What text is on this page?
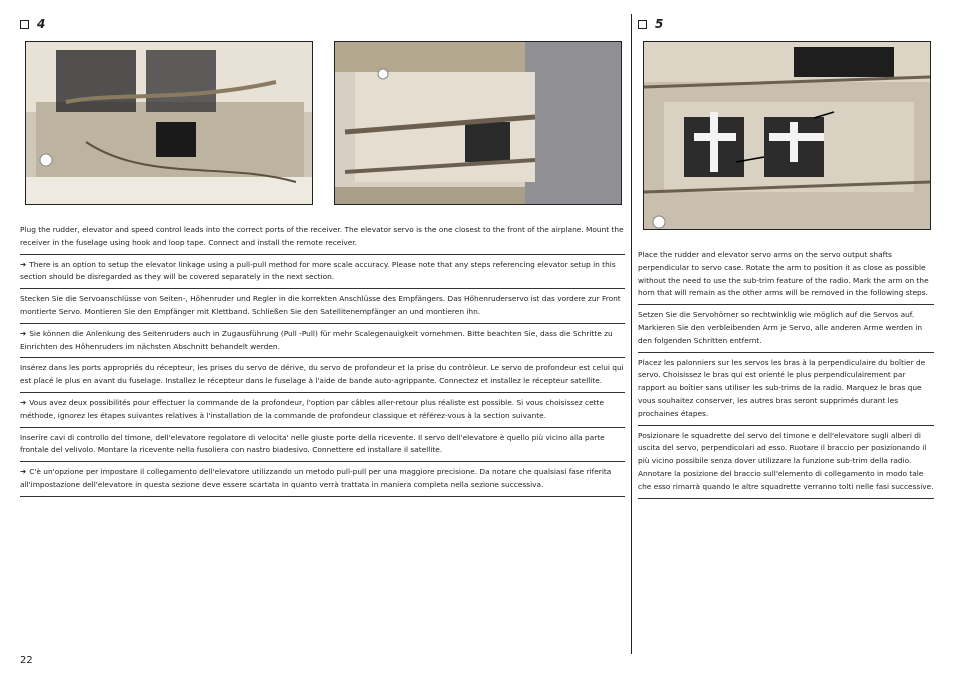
4	5
Plug the rudder, elevator and speed control leads into the correct ports of the receiver. The elevator servo is the one closest to the front of the airplane. Mount the receiver in the fuselage using hook and loop tape. Connect and install the remote receiver.
➔ There is an option to setup the elevator linkage using a pull-pull method for more scale accuracy. Please note that any steps referencing elevator setup in this section should be disregarded as they will be covered separately in the next section.
Stecken Sie die Servoanschlüsse von Seiten-, Höhenruder und Regler in die korrekten Anschlüsse des Empfängers. Das Höhenruderservo ist das vordere zur Front montierte Servo. Montieren Sie den Empfänger mit Klettband. Schließen Sie den Satellitenempfänger an und montieren ihn.
➔ Sie können die Anlenkung des Seitenruders auch in Zugausführung (Pull -Pull) für mehr Scalegenauigkeit vornehmen. Bitte beachten Sie, dass die Schritte zu Einrichten des Höhenruders im nächsten Abschnitt behandelt werden.
Insérez dans les ports appropriés du récepteur, les prises du servo de dérive, du servo de profondeur et la prise du contrôleur. Le servo de profondeur est celui qui est placé le plus en avant du fuselage. Installez le récepteur dans le fuselage à l'aide de bande auto-agrippante. Connectez et installez le récepteur satellite.
➔ Vous avez deux possibilités pour effectuer la commande de la profondeur, l'option par câbles aller-retour plus réaliste est possible. Si vous choisissez cette méthode, ignorez les étapes suivantes relatives à l'installation de la commande de profondeur classique et référez-vous à la section suivante.
Inserire cavi di controllo del timone, dell'elevatore regolatore di velocita' nelle giuste porte della ricevente. Il servo dell'elevatore è quello più vicino alla parte frontale del velivolo. Montare la ricevente nella fusoliera con nastro biadesivo. Connettere ed installare il satellite.
➔ C'è un'opzione per impostare il collegamento dell'elevatore utilizzando un metodo pull-pull per una maggiore precisione. Da notare che qualsiasi fase riferita all'impostazione dell'elevatore in questa sezione deve essere scartata in quanto verrà trattata in maniera completa nella sezione successiva.
Place the rudder and elevator servo arms on the servo output shafts perpendicular to servo case. Rotate the arm to position it as close as possible without the need to use the sub-trim feature of the radio. Mark the arm on the horn that will remain as the other arms will be removed in the following steps.
Setzen Sie die Servohörner so rechtwinklig wie möglich auf die Servos auf. Markieren Sie den verbleibenden Arm je Servo, alle anderen Arme werden in den folgenden Schritten entfernt.
Placez les palonniers sur les servos les bras à la perpendiculaire du boîtier de servo. Choisissez le bras qui est orienté le plus perpendiculairement par rapport au boîtier sans utiliser les sub-trims de la radio. Marquez le bras que vous souhaitez conserver, les autres bras seront supprimés durant les prochaines étapes.
Posizionare le squadrette del servo del timone e dell'elevatore sugli alberi di uscita del servo, perpendicolari ad esso. Ruotare il braccio per posizionando il più vicino possibile senza dover utilizzare la funzione sub-trim della radio. Annotare la posizione del braccio sull'elemento di collegamento in modo tale che esso rimarrà quando le altre squadrette verranno tolti nelle fasi successive.
22
